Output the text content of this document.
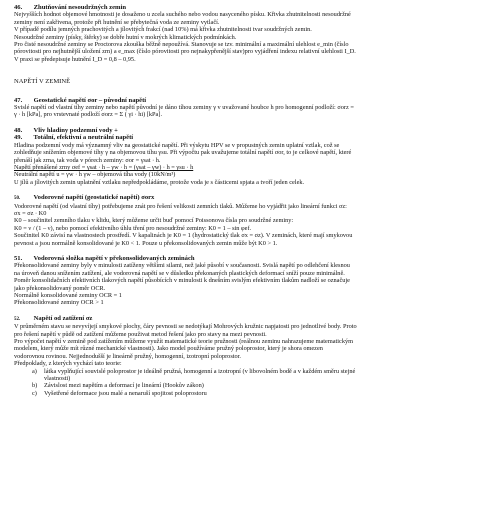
46. Zhutňování nesoudržných zemin

Nejvyšších hodnot objemové hmotnosti je dosaženo u zcela suchého nebo vodou nasyceného písku. Křivka zhutnitelnosti nesoudržné

zeminy není zakřivena, protože při hutnění se přebytečná voda ze zeminy vytlačí.

V případě podílu jemných prachovitých a jílovitých frakcí (nad 10%) má křivka zhutnitelnosti tvar soudržných zemin.

Nesoudržné zeminy (písky, štěrky) se dobře hutní v mokrých klimatických podmínkách.

Pro čisté nesoudržné zeminy se Proctorova zkouška běžně nepoužívá. Stanovuje se tzv. minimální a maximální ulehlost e_min (číslo

pórovitosti pro nejhutnější uložení zrn) a e_max (číslo pórovitosti pro nejnakypřenější stav)pro vyjádření indexu relativní ulehlosti I_D.

V praxi se předepisuje hutnění I_D = 0,8 – 0,95.

NAPĚTÍ V ZEMINĚ

47. Geostatické napětí σor – původní napětí

Svislé napětí od vlastní tíhy zeminy nebo napětí původní je dáno tíhou zeminy γ v uvažované houbce h pro homogenní podloží: σorz =

γ · h [kPa], pro vrstevnaté podloží σorz = Σ ( γi · hi) [kPa].

48. Vliv hladiny podzemní vody +

49. Totální, efektivní a neutrální napětí

Hladina podzemní vody má významný vliv na geostatické napětí. Při výskytu HPV se v propustných zemin uplatní vztlak, což se

zohledňuje snížením objemové tíhy γ na objemovou tíhu γsu. Při výpočtu pak uvažujeme totální napětí σor, to je celkové napětí, které

přenáší jak zrna, tak voda v pórech zeminy: σor = γsat · h.

Napětí přenášené zrny σef = γsat · h – γw · h = (γsat – γw) · h = γsu · h

Neutrální napětí u = γw · h γw – objemová tíha vody (10kN/m³)

U jílů a jílovitých zemin uplatnění vztlaku nepředpokládáme, protože voda je s částicemi spjata a tvoří jeden celek.

50. Vodorovné napětí (geostatické napětí) σorx

Vodorovné napětí (od vlastní tíhy) potřebujeme znát pro řešení velikosti zemních tlaků. Můžeme ho vyjádřit jako lineární funkci σz:

σx = σz · K0

K0 – součinitel zemního tlaku v klidu, který můžeme určit buď pomocí Poissonova čísla pro soudržné zeminy:

K0 = ν / (1 – ν), nebo pomocí efektivního úhlu tření pro nesoudržné zeminy: K0 = 1 – sin φef.

Součinitel K0 závisí na vlastnostech prostředí. V kapalinách je K0 = 1 (hydrostatický tlak σx = σz). V zeminách, které mají smykovou

pevnost a jsou normálně konsolidované je K0 < 1. Pouze u překonsolidovaných zemin může být K0 > 1.

51. Vodorovná složka napětí v překonsolidovaných zeminách

Překonsolidované zeminy byly v minulosti zatíženy většími silami, než jaké působí v současnosti. Svislá napětí po odlehčení klesnou

na úroveň danou snížením zatížení, ale vodorovná napětí se v důsledku překonaných plastických deformací sníží pouze minimálně.

Poměr konsolidačních efektivních tlakových napětí působících v minulosti k dnešním svislým efektivním tlakům nadloží se označuje

jako překonsolidovaný poměr OCR.

Normálně konsolidované zeminy OCR = 1

Překonsolidované zeminy OCR > 1

52. Napětí od zatížení σz

V průměrném stavu se nevyvíjejí smykové plochy, čáry pevnosti se nedotýkají Mohrových kružnic napjatosti pro jednotlivé body. Proto

pro řešení napětí v půdě od zatížení můžeme použivat metod řešení jako pro stavy na mezi pevnosti.

Pro výpočet napětí v zemině pod zatížením můžeme využít matematické teorie pružnosti (reálnou zeminu nahrazujeme matematickým

modelem, který může mít různé mechanické vlastnosti). Jako model používáme pružný poloprostor, který je shora omezen

vodorovnou rovinou. Nejjednodušší je lineárně pružný, homogenní, izotropní poloprostor.

Předpoklady, z kterých vychází tato teorie:

a)	látka vyplňující souvislé poloprostor je ideálně pružná, homogenní a izotropní (v libovolném bodě a v každém směru stejné
vlastnosti)
b)	Závislost mezi napětím a deformací je lineární (Hookův zákon)
c)	Vyšetřené deformace jsou malé a nenaruší spojitost poloprostoru
